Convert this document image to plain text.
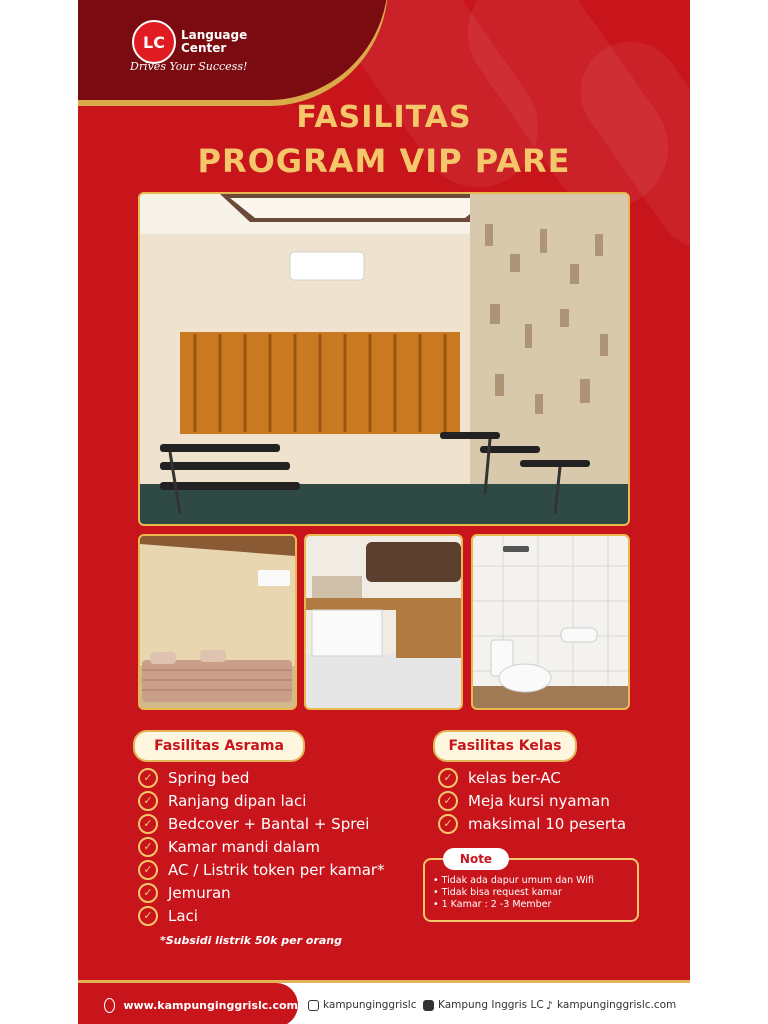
LC	Language
Center
Drives Your Success!
FASILITAS
PROGRAM VIP PARE
Fasilitas Asrama	Fasilitas Kelas
✓	Spring bed
✓	Ranjang dipan laci
✓	Bedcover + Bantal + Sprei
✓	Kamar mandi dalam
✓	AC / Listrik token per kamar*
✓	Jemuran
✓	Laci
✓	kelas ber-AC
✓	Meja kursi nyaman
✓	maksimal 10 peserta
Note
• Tidak ada dapur umum dan Wifi
• Tidak bisa request kamar
• 1 Kamar : 2 -3 Member
*Subsidi listrik 50k per orang
www.kampunginggrislc.com kampunginggrislc Kampung Inggris LC ♪ kampunginggrislc.com
